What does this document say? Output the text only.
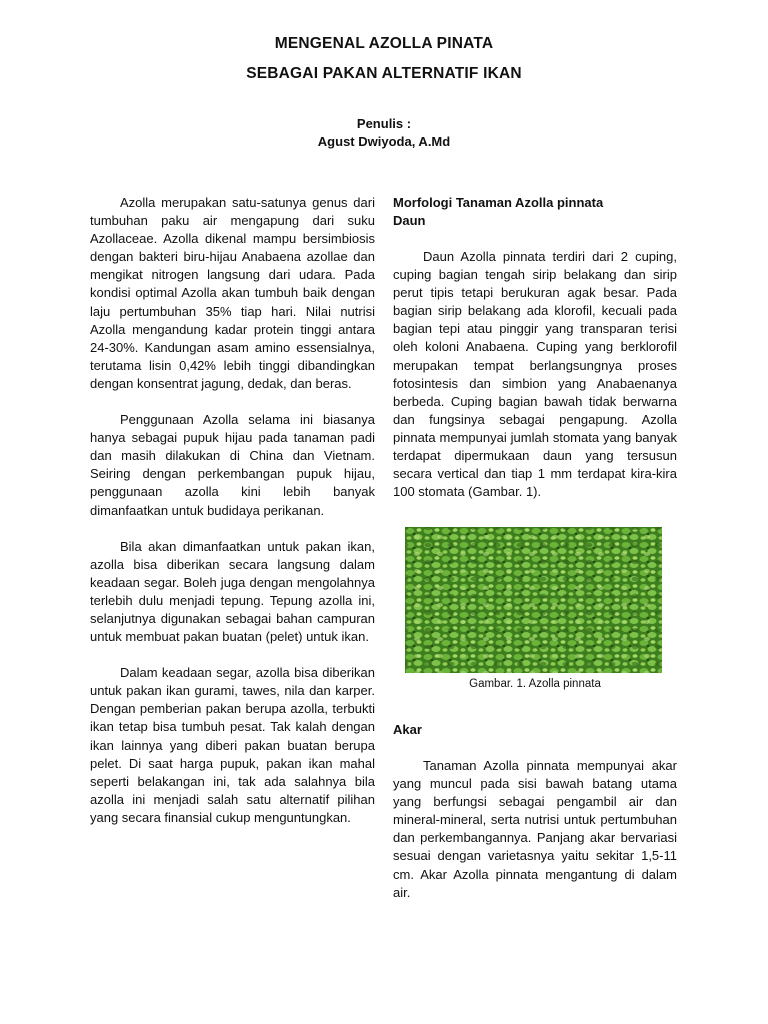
MENGENAL AZOLLA PINATA
SEBAGAI PAKAN ALTERNATIF IKAN
Penulis :
Agust Dwiyoda, A.Md

Azolla merupakan satu-satunya genus dari tumbuhan paku air mengapung dari suku Azollaceae. Azolla dikenal mampu bersimbiosis dengan bakteri biru-hijau Anabaena azollae dan mengikat nitrogen langsung dari udara. Pada kondisi optimal Azolla akan tumbuh baik dengan laju pertumbuhan 35% tiap hari. Nilai nutrisi Azolla mengandung kadar protein tinggi antara 24-30%. Kandungan asam amino essensialnya, terutama lisin 0,42% lebih tinggi dibandingkan dengan konsentrat jagung, dedak, dan beras.

Penggunaan Azolla selama ini biasanya hanya sebagai pupuk hijau pada tanaman padi dan masih dilakukan di China dan Vietnam. Seiring dengan perkembangan pupuk hijau, penggunaan azolla kini lebih banyak dimanfaatkan untuk budidaya perikanan.

Bila akan dimanfaatkan untuk pakan ikan, azolla bisa diberikan secara langsung dalam keadaan segar. Boleh juga dengan mengolahnya terlebih dulu menjadi tepung. Tepung azolla ini, selanjutnya digunakan sebagai bahan campuran untuk membuat pakan buatan (pelet) untuk ikan.

Dalam keadaan segar, azolla bisa diberikan untuk pakan ikan gurami, tawes, nila dan karper. Dengan pemberian pakan berupa azolla, terbukti ikan tetap bisa tumbuh pesat. Tak kalah dengan ikan lainnya yang diberi pakan buatan berupa pelet. Di saat harga pupuk, pakan ikan mahal seperti belakangan ini, tak ada salahnya bila azolla ini menjadi salah satu alternatif pilihan yang secara finansial cukup menguntungkan.

Morfologi Tanaman Azolla pinnata
Daun

Daun Azolla pinnata terdiri dari 2 cuping, cuping bagian tengah sirip belakang dan sirip perut tipis tetapi berukuran agak besar. Pada bagian sirip belakang ada klorofil, kecuali pada bagian tepi atau pinggir yang transparan terisi oleh koloni Anabaena. Cuping yang berklorofil merupakan tempat berlangsungnya proses fotosintesis dan simbion yang Anabaenanya berbeda. Cuping bagian bawah tidak berwarna dan fungsinya sebagai pengapung. Azolla pinnata mempunyai jumlah stomata yang banyak terdapat dipermukaan daun yang tersusun secara vertical dan tiap 1 mm terdapat kira-kira 100 stomata (Gambar. 1).

Gambar. 1. Azolla pinnata
Akar

Tanaman Azolla pinnata mempunyai akar yang muncul pada sisi bawah batang utama yang berfungsi sebagai pengambil air dan mineral-mineral, serta nutrisi untuk pertumbuhan dan perkembangannya. Panjang akar bervariasi sesuai dengan varietasnya yaitu sekitar 1,5-11 cm. Akar Azolla pinnata mengantung di dalam air.
